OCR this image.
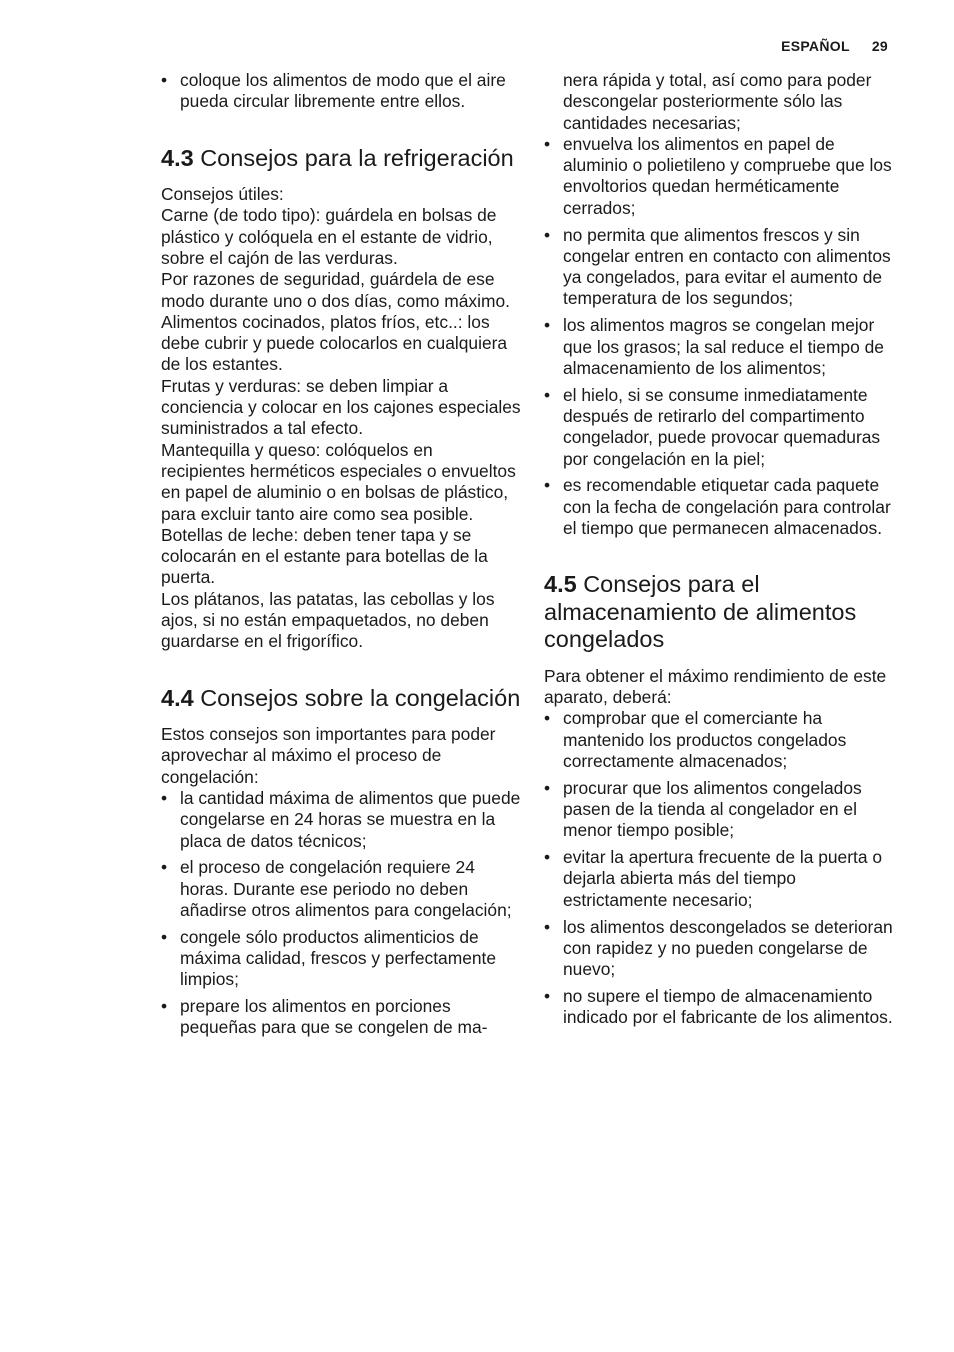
ESPAÑOL 29
• coloque los alimentos de modo que el aire pueda circular libremente entre ellos.
4.3 Consejos para la refrigeración

Consejos útiles:

Carne (de todo tipo): guárdela en bolsas de plástico y colóquela en el estante de vidrio, sobre el cajón de las verduras.

Por razones de seguridad, guárdela de ese modo durante uno o dos días, como máximo.

Alimentos cocinados, platos fríos, etc..: los debe cubrir y puede colocarlos en cualquiera de los estantes.

Frutas y verduras: se deben limpiar a conciencia y colocar en los cajones especiales suministrados a tal efecto.

Mantequilla y queso: colóquelos en recipientes herméticos especiales o envueltos en papel de aluminio o en bolsas de plástico, para excluir tanto aire como sea posible.

Botellas de leche: deben tener tapa y se colocarán en el estante para botellas de la puerta.

Los plátanos, las patatas, las cebollas y los ajos, si no están empaquetados, no deben guardarse en el frigorífico.

4.4 Consejos sobre la congelación

Estos consejos son importantes para poder aprovechar al máximo el proceso de congelación:

• la cantidad máxima de alimentos que puede congelarse en 24 horas se muestra en la placa de datos técnicos;
• el proceso de congelación requiere 24 horas. Durante ese periodo no deben añadirse otros alimentos para congelación;
• congele sólo productos alimenticios de máxima calidad, frescos y perfectamente limpios;
• prepare los alimentos en porciones pequeñas para que se congelen de ma-

nera rápida y total, así como para poder descongelar posteriormente sólo las cantidades necesarias;

• envuelva los alimentos en papel de aluminio o polietileno y compruebe que los envoltorios quedan herméticamente cerrados;
• no permita que alimentos frescos y sin congelar entren en contacto con alimentos ya congelados, para evitar el aumento de temperatura de los segundos;
• los alimentos magros se congelan mejor que los grasos; la sal reduce el tiempo de almacenamiento de los alimentos;
• el hielo, si se consume inmediatamente después de retirarlo del compartimento congelador, puede provocar quemaduras por congelación en la piel;
• es recomendable etiquetar cada paquete con la fecha de congelación para controlar el tiempo que permanecen almacenados.
4.5 Consejos para el almacenamiento de alimentos congelados

Para obtener el máximo rendimiento de este aparato, deberá:

• comprobar que el comerciante ha mantenido los productos congelados correctamente almacenados;
• procurar que los alimentos congelados pasen de la tienda al congelador en el menor tiempo posible;
• evitar la apertura frecuente de la puerta o dejarla abierta más del tiempo estrictamente necesario;
• los alimentos descongelados se deterioran con rapidez y no pueden congelarse de nuevo;
• no supere el tiempo de almacenamiento indicado por el fabricante de los alimentos.
